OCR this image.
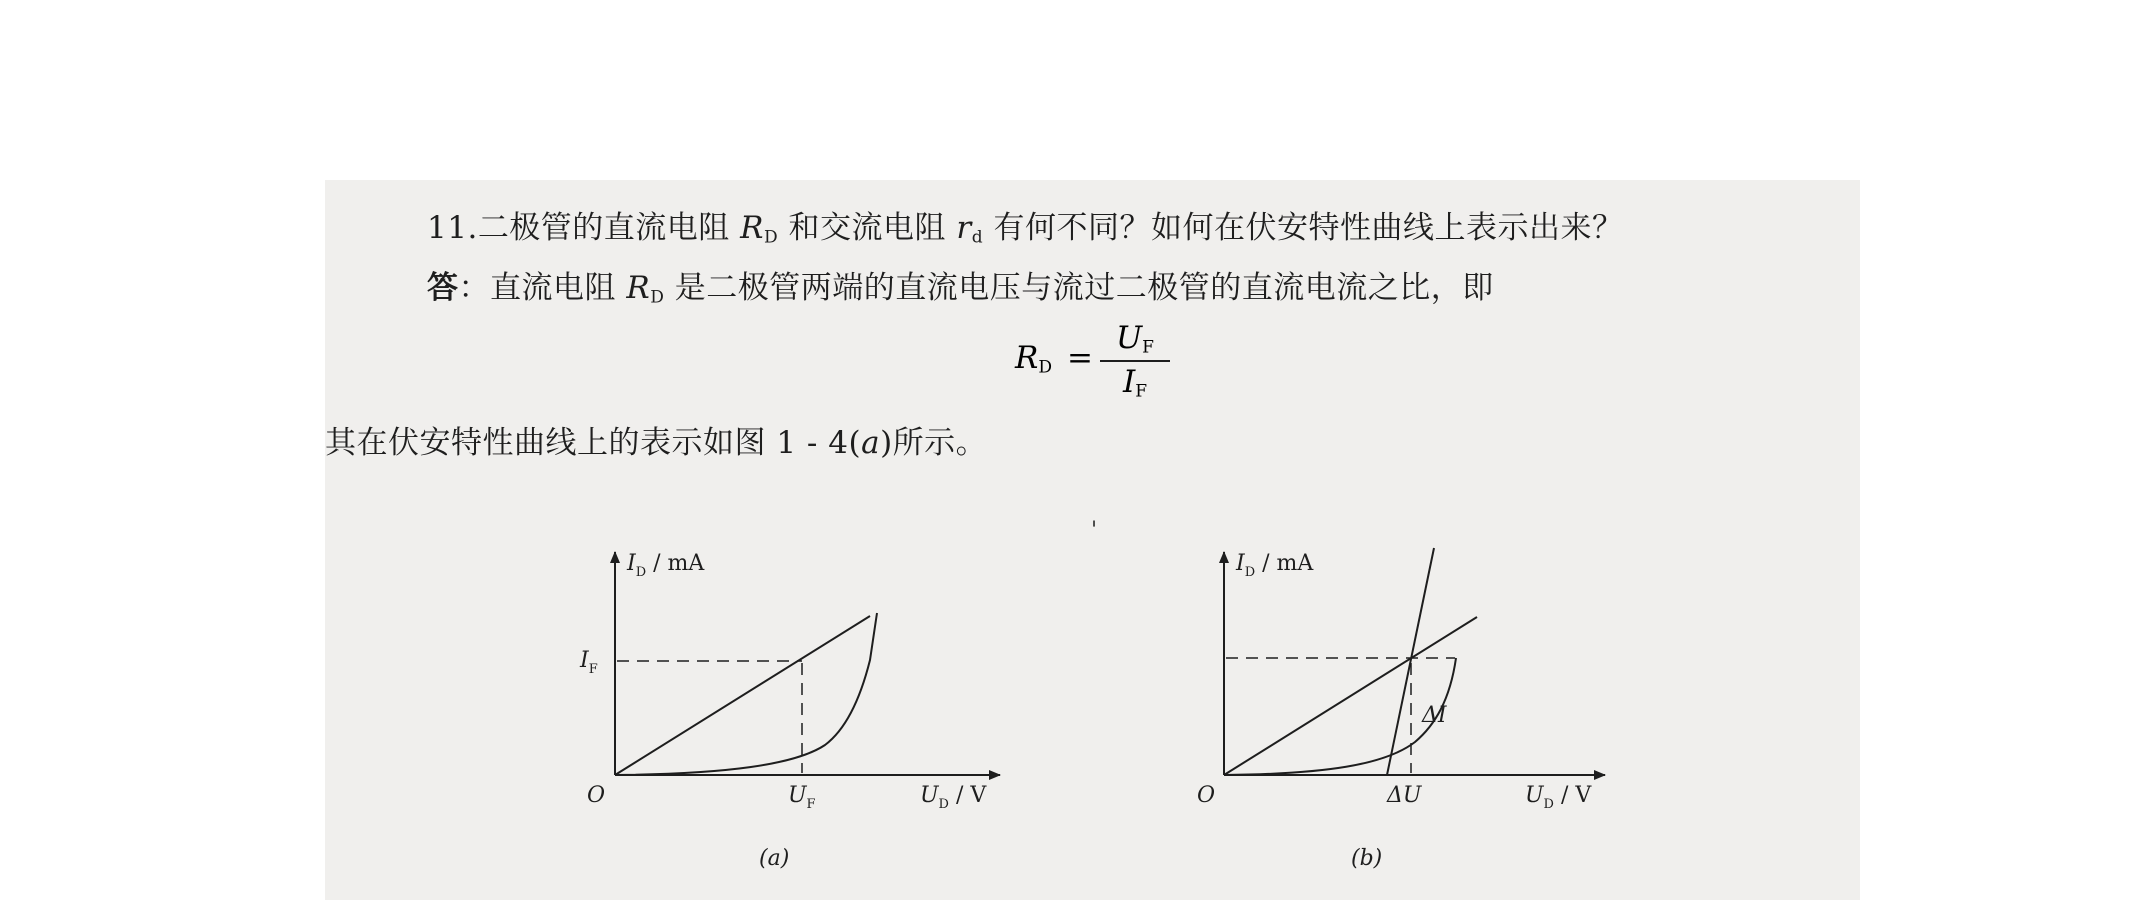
11.二极管的直流电阻 $R_D$ 和交流电阻 $r_d$ 有何不同？如何在伏安特性曲线上表示出来？
答：直流电阻 $R_D$ 是二极管两端的直流电压与流过二极管的直流电流之比，即
$R_D$ =
$U_F$
$I_F$
其在伏安特性曲线上的表示如图 1 - 4(a)所示。
'
$I_D$ / mA
$I_F$
O	$U_F$	$U_D$ / V
(a)
$I_D$ / mA
ΔI
O	ΔU	$U_D$ / V
(b)
